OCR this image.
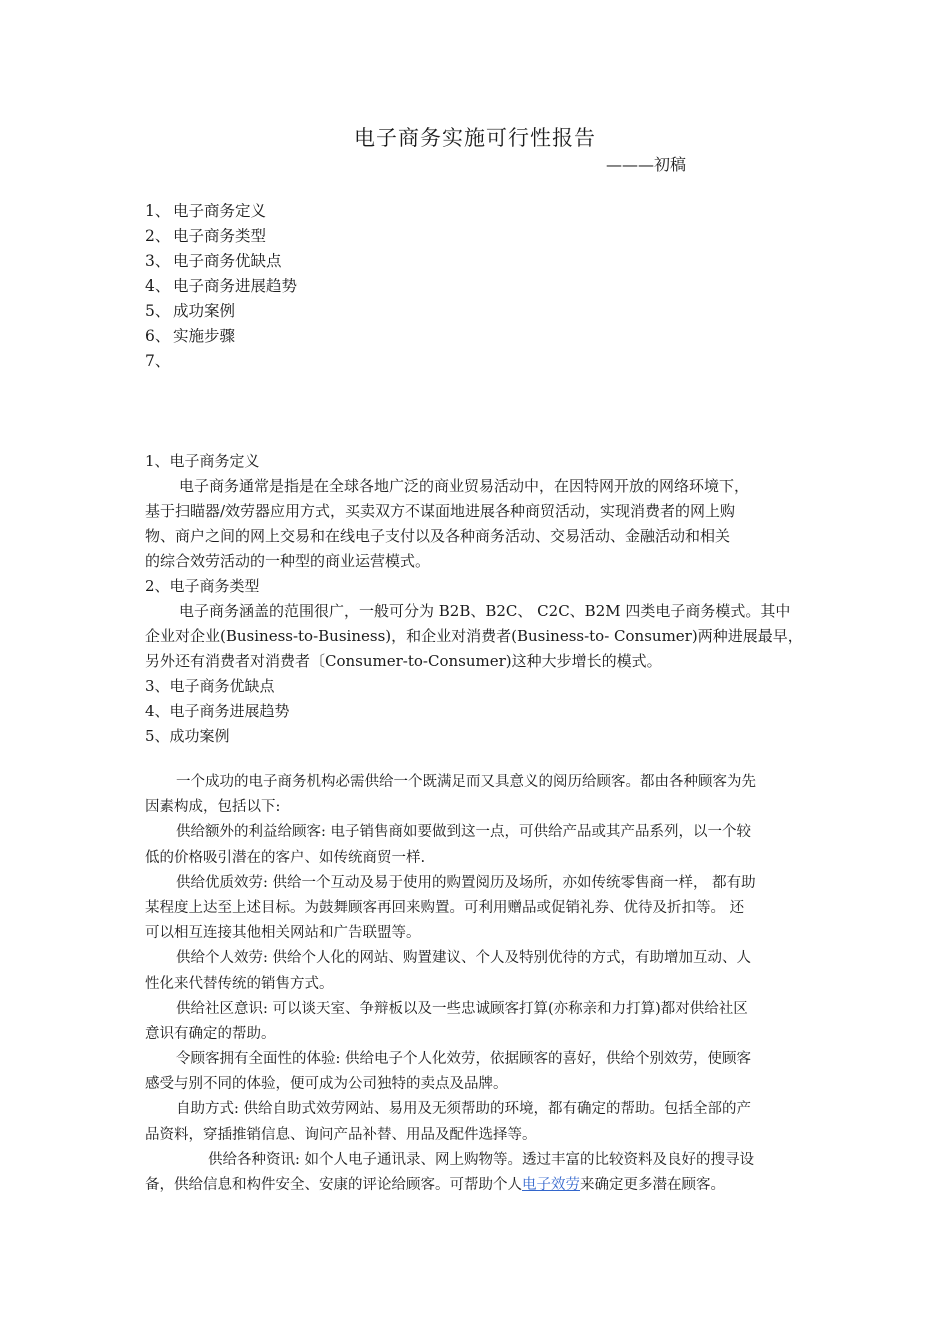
电子商务实施可行性报告
———初稿
1、 电子商务定义
2、 电子商务类型
3、 电子商务优缺点
4、 电子商务进展趋势
5、 成功案例
6、 实施步骤
7、
1、电子商务定义
电子商务通常是指是在全球各地广泛的商业贸易活动中，在因特网开放的网络环境下，
基于扫瞄器/效劳器应用方式，买卖双方不谋面地进展各种商贸活动，实现消费者的网上购
物、商户之间的网上交易和在线电子支付以及各种商务活动、交易活动、金融活动和相关
的综合效劳活动的一种型的商业运营模式。
2、电子商务类型
电子商务涵盖的范围很广，一般可分为 B2B、B2C、 C2C、B2M 四类电子商务模式。其中
企业对企业(Business-to-Business)，和企业对消费者(Business-to- Consumer)两种进展最早，
另外还有消费者对消费者〔Consumer-to-Consumer)这种大步增长的模式。
3、电子商务优缺点
4、电子商务进展趋势
5、成功案例
一个成功的电子商务机构必需供给一个既满足而又具意义的阅历给顾客。都由各种顾客为先
因素构成，包括以下:
供给额外的利益给顾客: 电子销售商如要做到这一点，可供给产品或其产品系列，以一个较
低的价格吸引潜在的客户、如传统商贸一样.
供给优质效劳: 供给一个互动及易于使用的购置阅历及场所，亦如传统零售商一样， 都有助
某程度上达至上述目标。为鼓舞顾客再回来购置。可利用赠品或促销礼券、优待及折扣等。 还
可以相互连接其他相关网站和广告联盟等。
供给个人效劳: 供给个人化的网站、购置建议、个人及特别优待的方式，有助增加互动、人
性化来代替传统的销售方式。
供给社区意识: 可以谈天室、争辩板以及一些忠诚顾客打算(亦称亲和力打算)都对供给社区
意识有确定的帮助。
令顾客拥有全面性的体验: 供给电子个人化效劳，依据顾客的喜好，供给个别效劳，使顾客
感受与别不同的体验，便可成为公司独特的卖点及品牌。
自助方式: 供给自助式效劳网站、易用及无须帮助的环境，都有确定的帮助。包括全部的产
品资料，穿插推销信息、询问产品补替、用品及配件选择等。
供给各种资讯: 如个人电子通讯录、网上购物等。透过丰富的比较资料及良好的搜寻设
备，供给信息和构件安全、安康的评论给顾客。可帮助个人电子效劳来确定更多潜在顾客。
